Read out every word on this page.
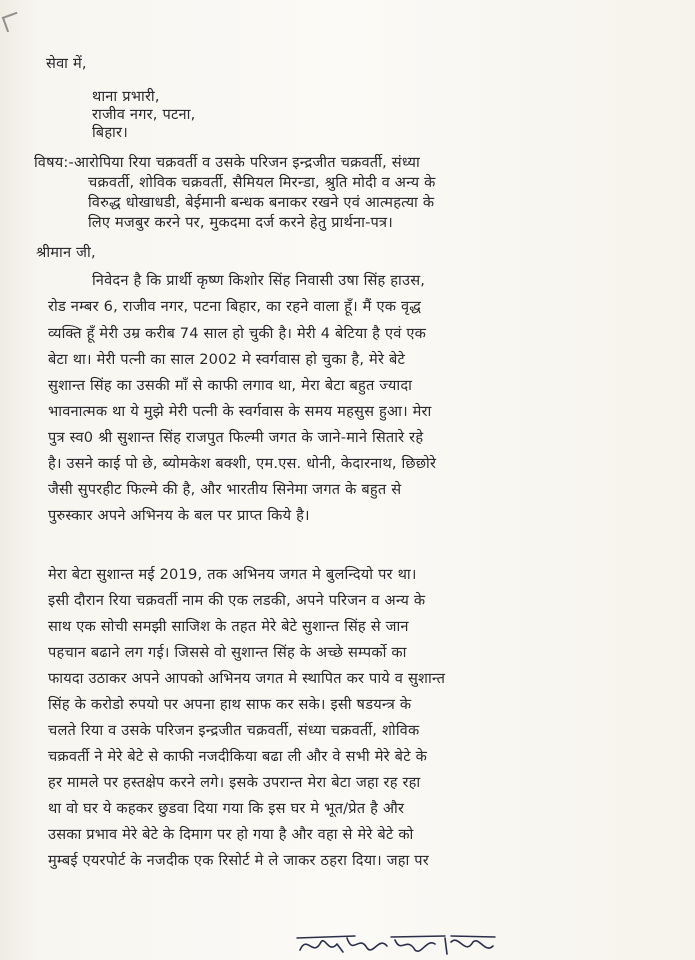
सेवा में,
थाना प्रभारी,
राजीव नगर, पटना,
बिहार।
विषय:-आरोपिया रिया चक्रवर्ती व उसके परिजन इन्द्रजीत चक्रवर्ती, संध्या
चक्रवर्ती, शोविक चक्रवर्ती, सैमियल मिरन्डा, श्रुति मोदी व अन्य के
विरुद्ध धोखाधडी, बेईमानी बन्धक बनाकर रखने एवं आत्महत्या के
लिए मजबुर करने पर, मुकदमा दर्ज करने हेतु प्रार्थना-पत्र।
श्रीमान जी,
निवेदन है कि प्रार्थी कृष्ण किशोर सिंह निवासी उषा सिंह हाउस,
रोड नम्बर 6, राजीव नगर, पटना बिहार, का रहने वाला हूँ। मैं एक वृद्ध
व्यक्ति हूँ मेरी उम्र करीब 74 साल हो चुकी है। मेरी 4 बेटिया है एवं एक
बेटा था। मेरी पत्नी का साल 2002 मे स्वर्गवास हो चुका है, मेरे बेटे
सुशान्त सिंह का उसकी माँ से काफी लगाव था, मेरा बेटा बहुत ज्यादा
भावनात्मक था ये मुझे मेरी पत्नी के स्वर्गवास के समय महसुस हुआ। मेरा
पुत्र स्व0 श्री सुशान्त सिंह राजपुत फिल्मी जगत के जाने-माने सितारे रहे
है। उसने काई पो छे, ब्योमकेश बक्शी, एम.एस. धोनी, केदारनाथ, छिछोरे
जैसी सुपरहीट फिल्मे की है, और भारतीय सिनेमा जगत के बहुत से
पुरुस्कार अपने अभिनय के बल पर प्राप्त किये है।
मेरा बेटा सुशान्त मई 2019, तक अभिनय जगत मे बुलन्दियो पर था।
इसी दौरान रिया चक्रवर्ती नाम की एक लडकी, अपने परिजन व अन्य के
साथ एक सोची समझी साजिश के तहत मेरे बेटे सुशान्त सिंह से जान
पहचान बढाने लग गई। जिससे वो सुशान्त सिंह के अच्छे सम्पर्को का
फायदा उठाकर अपने आपको अभिनय जगत मे स्थापित कर पाये व सुशान्त
सिंह के करोडो रुपयो पर अपना हाथ साफ कर सके। इसी षडयन्त्र के
चलते रिया व उसके परिजन इन्द्रजीत चक्रवर्ती, संध्या चक्रवर्ती, शोविक
चक्रवर्ती ने मेरे बेटे से काफी नजदीकिया बढा ली और वे सभी मेरे बेटे के
हर मामले पर हस्तक्षेप करने लगे। इसके उपरान्त मेरा बेटा जहा रह रहा
था वो घर ये कहकर छुडवा दिया गया कि इस घर मे भूत/प्रेत है और
उसका प्रभाव मेरे बेटे के दिमाग पर हो गया है और वहा से मेरे बेटे को
मुम्बई एयरपोर्ट के नजदीक एक रिसोर्ट मे ले जाकर ठहरा दिया। जहा पर
